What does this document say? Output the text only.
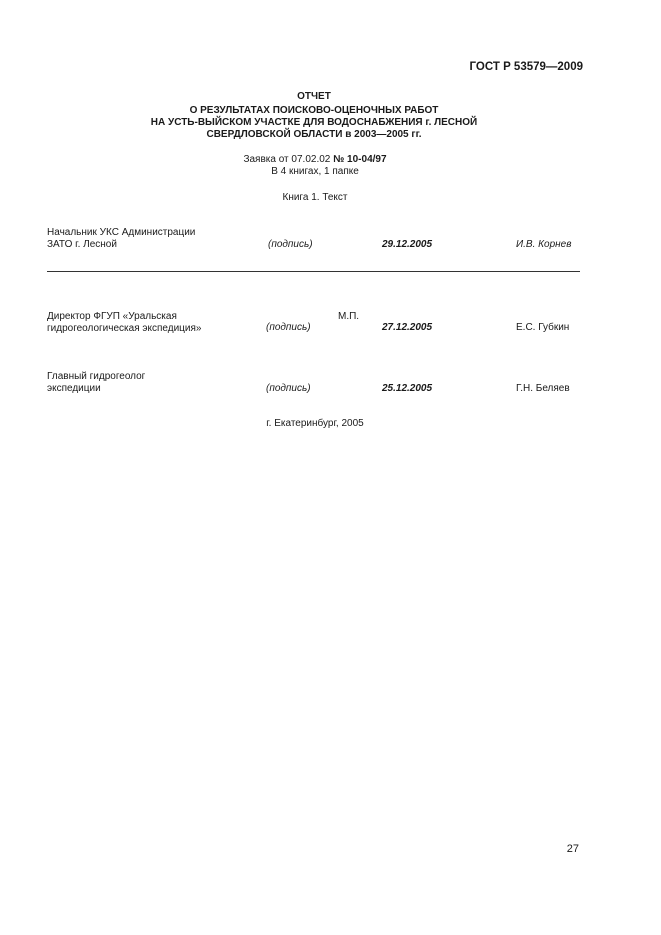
ГОСТ Р 53579—2009
ОТЧЕТ
О РЕЗУЛЬТАТАХ ПОИСКОВО-ОЦЕНОЧНЫХ РАБОТ
НА УСТЬ-ВЫЙСКОМ УЧАСТКЕ ДЛЯ ВОДОСНАБЖЕНИЯ г. ЛЕСНОЙ
СВЕРДЛОВСКОЙ ОБЛАСТИ в 2003—2005 гг.
Заявка от 07.02.02 № 10-04/97
В 4 книгах, 1 папке
Книга 1. Текст
Начальник УКС Администрации
ЗАТО г. Лесной	(подпись)	29.12.2005	И.В. Корнев
М.П.
Директор ФГУП «Уральская
гидрогеологическая экспедиция»	(подпись)	27.12.2005	Е.С. Губкин
Главный гидрогеолог
экспедиции	(подпись)	25.12.2005	Г.Н. Беляев
г. Екатеринбург, 2005
27
